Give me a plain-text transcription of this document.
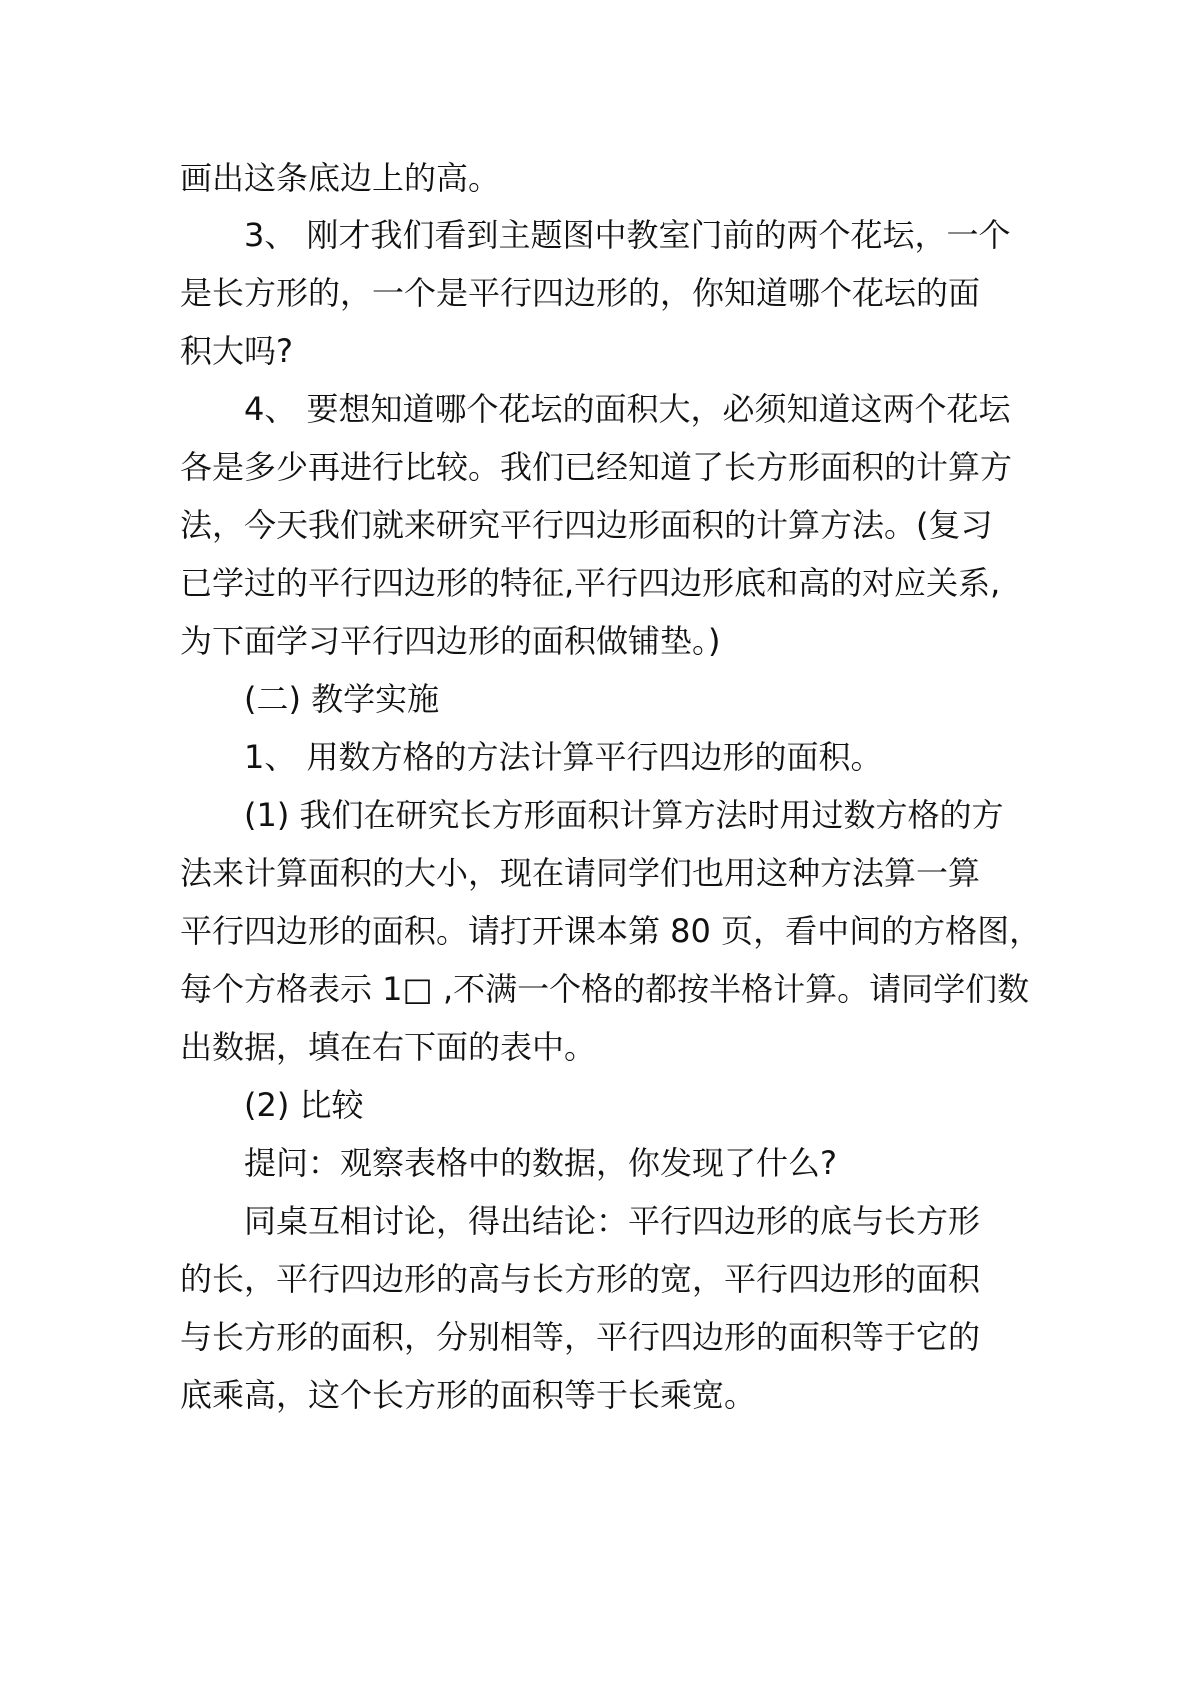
画出这条底边上的高。
3、 刚才我们看到主题图中教室门前的两个花坛，一个
是长方形的，一个是平行四边形的，你知道哪个花坛的面
积大吗?
4、 要想知道哪个花坛的面积大，必须知道这两个花坛
各是多少再进行比较。我们已经知道了长方形面积的计算方
法，今天我们就来研究平行四边形面积的计算方法。(复习
已学过的平行四边形的特征,平行四边形底和高的对应关系,
为下面学习平行四边形的面积做铺垫。)
(二) 教学实施
1、 用数方格的方法计算平行四边形的面积。
(1) 我们在研究长方形面积计算方法时用过数方格的方
法来计算面积的大小，现在请同学们也用这种方法算一算
平行四边形的面积。请打开课本第 80 页，看中间的方格图，
每个方格表示 1□ ,不满一个格的都按半格计算。请同学们数
出数据，填在右下面的表中。
(2) 比较
提问：观察表格中的数据，你发现了什么?
同桌互相讨论，得出结论：平行四边形的底与长方形
的长，平行四边形的高与长方形的宽，平行四边形的面积
与长方形的面积，分别相等，平行四边形的面积等于它的
底乘高，这个长方形的面积等于长乘宽。
